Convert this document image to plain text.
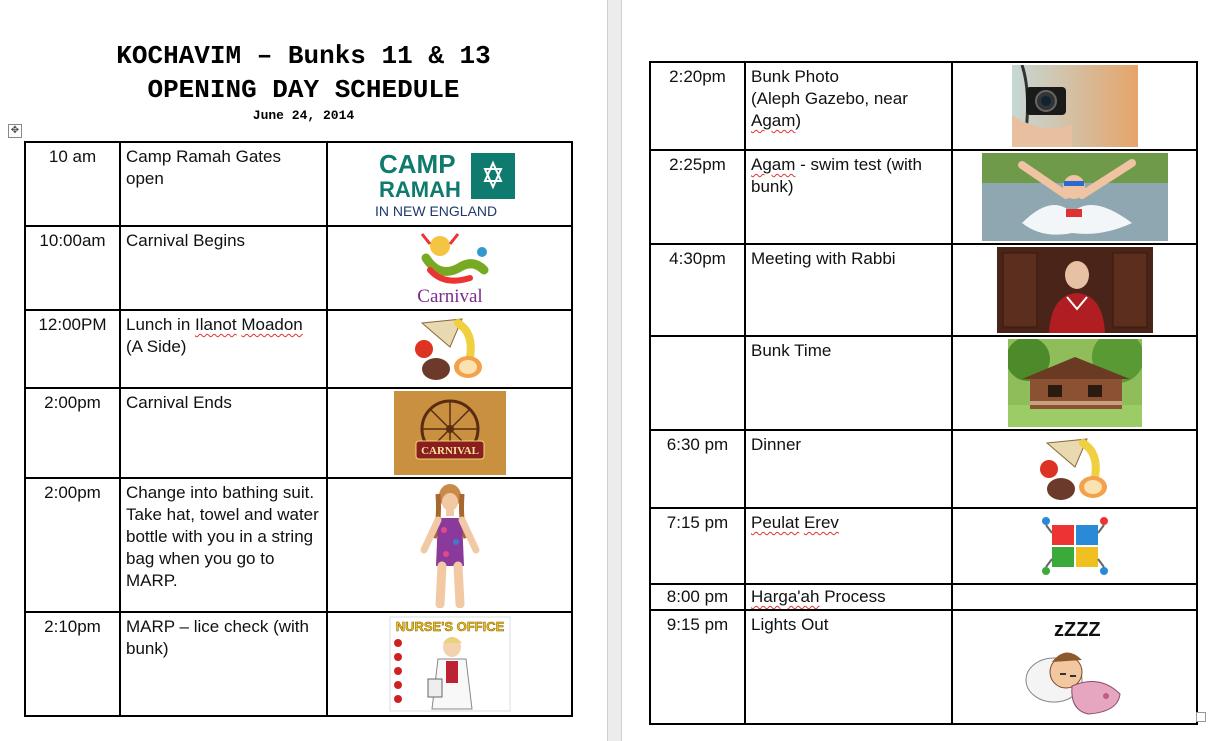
KOCHAVIM – Bunks 11 & 13
OPENING DAY SCHEDULE
June 24, 2014
✥
10 am	Camp Ramah Gates open	CAMP
RAMAH
IN NEW ENGLAND

10:00am	Carnival Begins	Carnival

12:00PM	Lunch in Ilanot Moadon (A Side)	
2:00pm	Carnival Ends	CARNIVAL

2:00pm	Change into bathing suit. Take hat, towel and water bottle with you in a string bag when you go to MARP.	
2:10pm	MARP – lice check (with bunk)	NURSE'S OFFICE
2:20pm	Bunk Photo
(Aleph Gazebo, near Agam)	
2:25pm	Agam - swim test (with bunk)	
4:30pm	Meeting with Rabbi	
	Bunk Time	
6:30 pm	Dinner	
7:15 pm	Peulat Erev	
8:00 pm	Harga'ah Process	
9:15 pm	Lights Out	zZZZ
